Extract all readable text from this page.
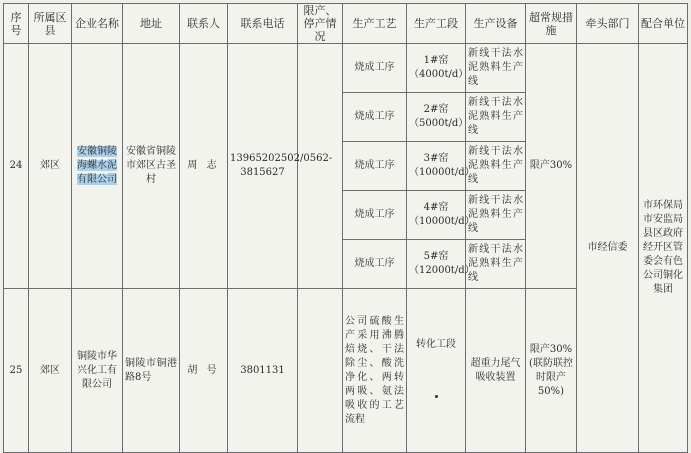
序号	所属区县	企业名称	地址	联系人	联系电话	限产、停产情况	生产工艺	生产工段	生产设备	超常规措施	牵头部门	配合单位
24	郊区	安徽铜陵海螺水泥有限公司	安徽省铜陵市郊区古圣村	周 志	13965202502/0562-3815627		烧成工序	1#窑（4000t/d）	新线干法水泥熟料生产线	限产30%	市经信委	市环保局市安监局县区政府经开区管委会有色公司铜化集团
							烧成工序	2#窑（5000t/d）	新线干法水泥熟料生产线			
							烧成工序	3#窑（10000t/d）	新线干法水泥熟料生产线			
							烧成工序	4#窑（10000t/d）	新线干法水泥熟料生产线			
							烧成工序	5#窑（12000t/d）	新线干法水泥熟料生产线			
25	郊区	铜陵市华兴化工有限公司	铜陵市铜港路8号	胡 号	3801131		公司硫酸生产采用沸腾焙烧、干法除尘、酸洗净化、两转两吸、氨法吸收的工艺流程	转化工段	超重力尾气吸收装置	限产30%(联防联控时限产50%)		
